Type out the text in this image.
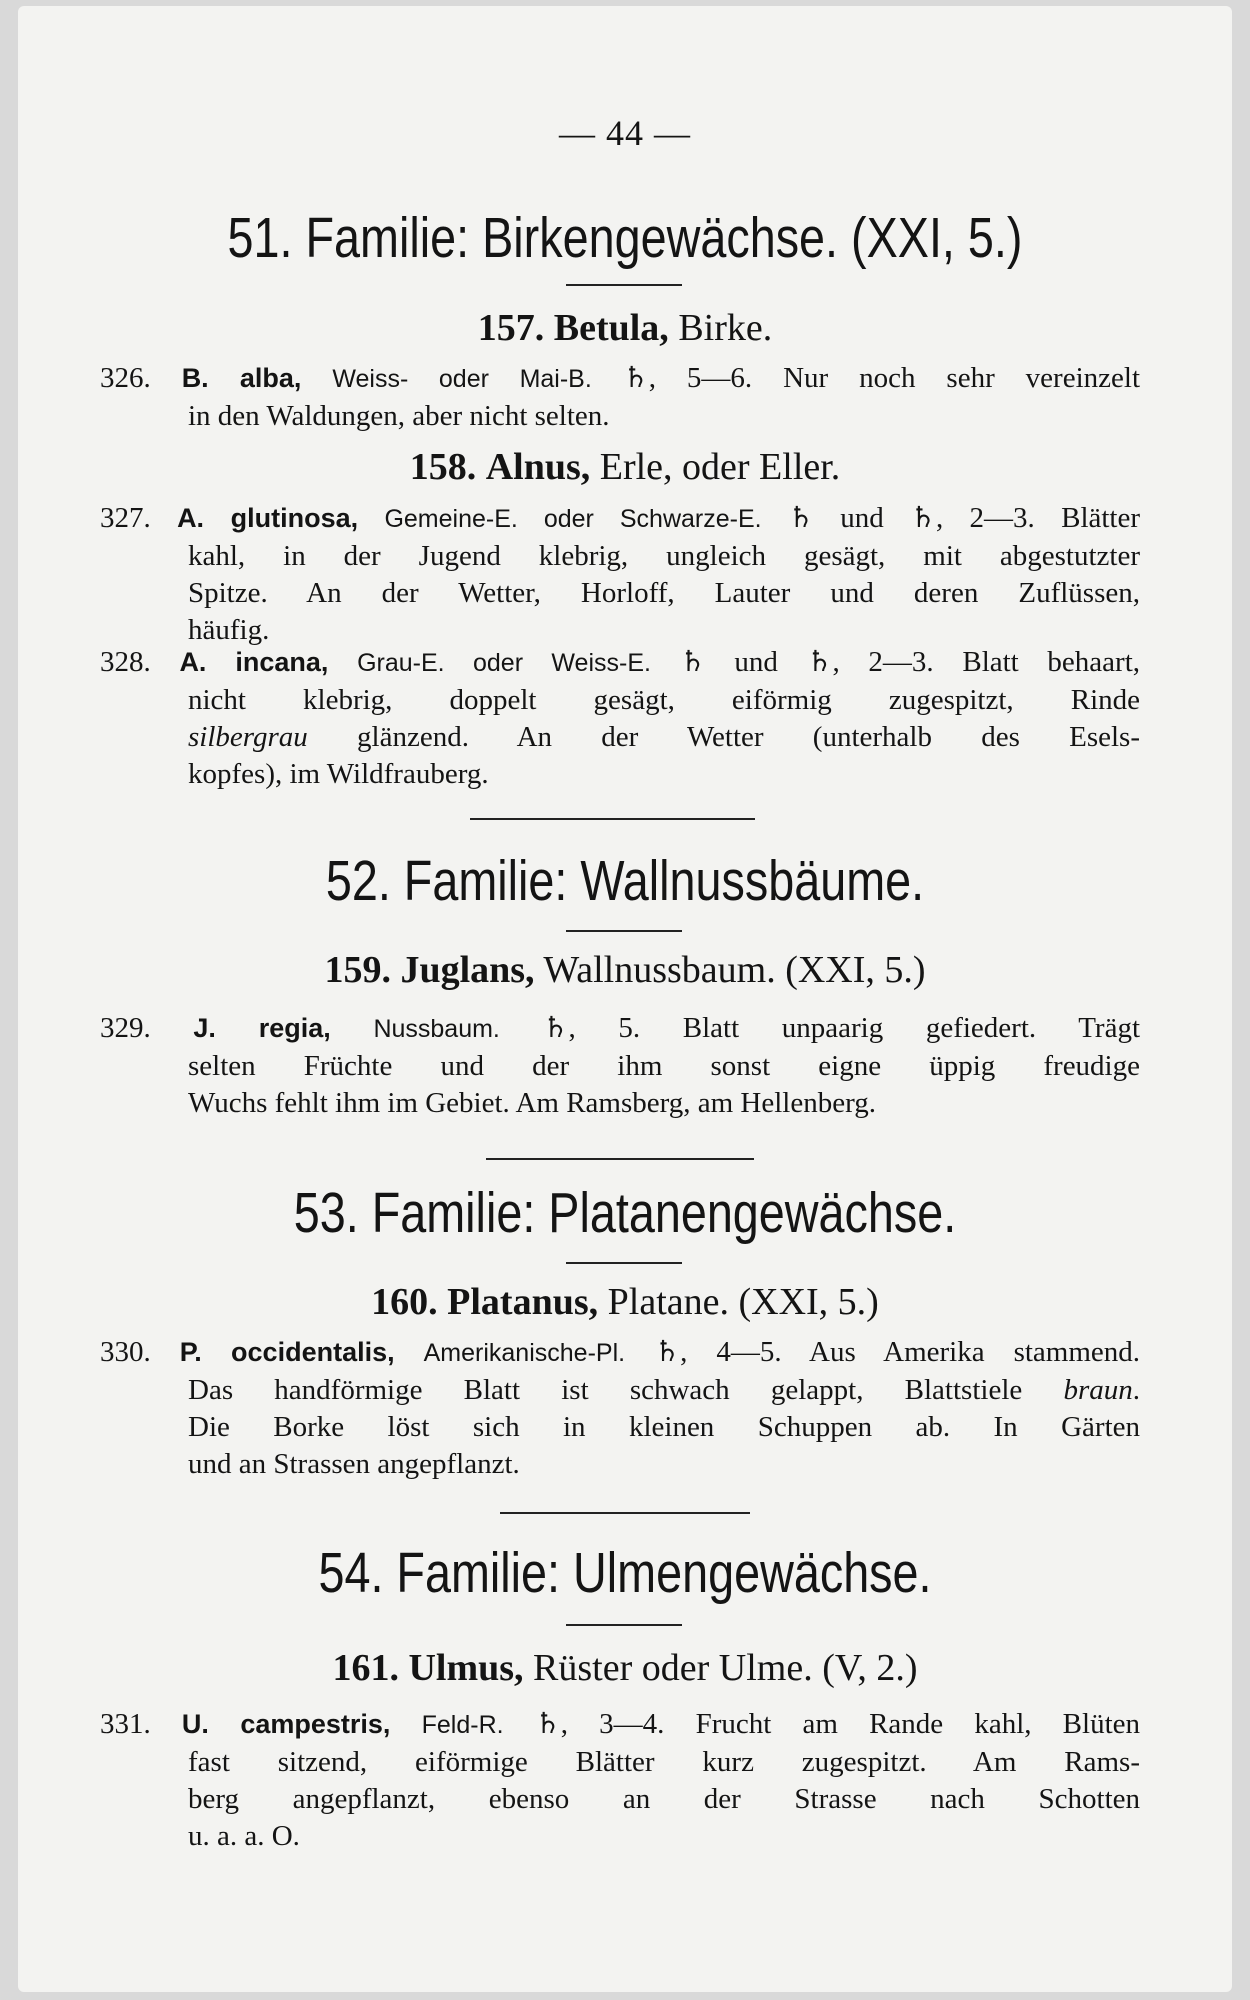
— 44 —
51. Familie: Birkengewächse. (XXI, 5.)
157. Betula, Birke.
326. B. alba, Weiss- oder Mai-B. ♄, 5—6. Nur noch sehr vereinzelt
in den Waldungen, aber nicht selten.
158. Alnus, Erle, oder Eller.
327. A. glutinosa, Gemeine-E. oder Schwarze-E. ♄ und ♄, 2—3. Blätter
kahl, in der Jugend klebrig, ungleich gesägt, mit abgestutzter
Spitze. An der Wetter, Horloff, Lauter und deren Zuflüssen,
häufig.
328. A. incana, Grau-E. oder Weiss-E. ♄ und ♄, 2—3. Blatt behaart,
nicht klebrig, doppelt gesägt, eiförmig zugespitzt, Rinde
silbergrau glänzend. An der Wetter (unterhalb des Esels-
kopfes), im Wildfrauberg.
52. Familie: Wallnussbäume.
159. Juglans, Wallnussbaum. (XXI, 5.)
329. J. regia, Nussbaum. ♄, 5. Blatt unpaarig gefiedert. Trägt
selten Früchte und der ihm sonst eigne üppig freudige
Wuchs fehlt ihm im Gebiet. Am Ramsberg, am Hellenberg.
53. Familie: Platanengewächse.
160. Platanus, Platane. (XXI, 5.)
330. P. occidentalis, Amerikanische-Pl. ♄, 4—5. Aus Amerika stammend.
Das handförmige Blatt ist schwach gelappt, Blattstiele braun.
Die Borke löst sich in kleinen Schuppen ab. In Gärten
und an Strassen angepflanzt.
54. Familie: Ulmengewächse.
161. Ulmus, Rüster oder Ulme. (V, 2.)
331. U. campestris, Feld-R. ♄, 3—4. Frucht am Rande kahl, Blüten
fast sitzend, eiförmige Blätter kurz zugespitzt. Am Rams-
berg angepflanzt, ebenso an der Strasse nach Schotten
u. a. a. O.
